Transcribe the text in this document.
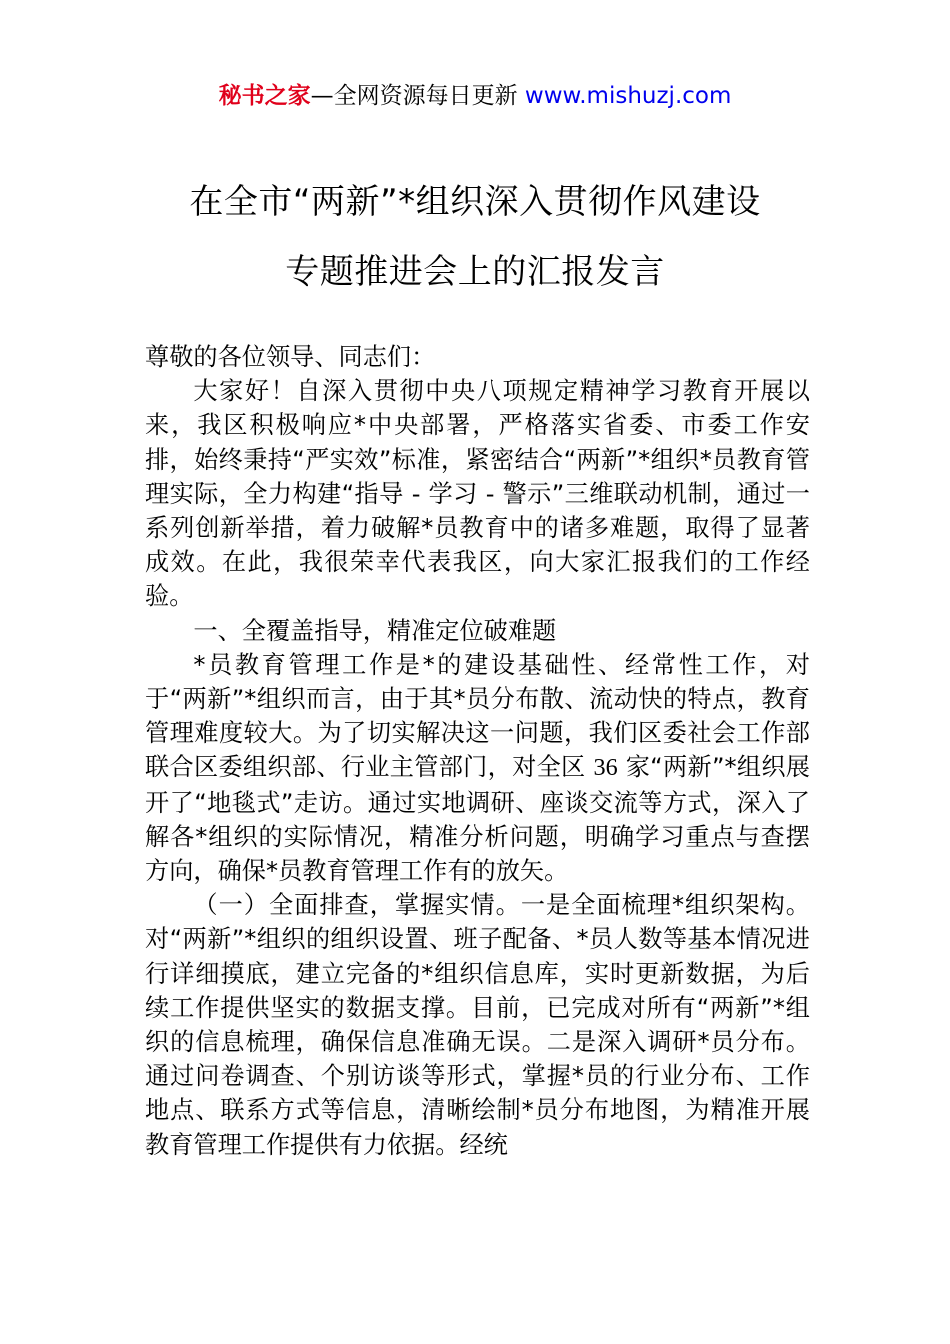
秘书之家—全网资源每日更新 www.mishuzj.com
在全市“两新”*组织深入贯彻作风建设
专题推进会上的汇报发言

尊敬的各位领导、同志们：

大家好！自深入贯彻中央八项规定精神学习教育开展以来，我区积极响应*中央部署，严格落实省委、市委工作安排，始终秉持“严实效”标准，紧密结合“两新”*组织*员教育管理实际，全力构建“指导 - 学习 - 警示”三维联动机制，通过一系列创新举措，着力破解*员教育中的诸多难题，取得了显著成效。在此，我很荣幸代表我区，向大家汇报我们的工作经验。

一、全覆盖指导，精准定位破难题

*员教育管理工作是*的建设基础性、经常性工作，对于“两新”*组织而言，由于其*员分布散、流动快的特点，教育管理难度较大。为了切实解决这一问题，我们区委社会工作部联合区委组织部、行业主管部门，对全区 36 家“两新”*组织展开了“地毯式”走访。通过实地调研、座谈交流等方式，深入了解各*组织的实际情况，精准分析问题，明确学习重点与查摆方向，确保*员教育管理工作有的放矢。

（一）全面排查，掌握实情。一是全面梳理*组织架构。对“两新”*组织的组织设置、班子配备、*员人数等基本情况进行详细摸底，建立完备的*组织信息库，实时更新数据，为后续工作提供坚实的数据支撑。目前，已完成对所有“两新”*组织的信息梳理，确保信息准确无误。二是深入调研*员分布。通过问卷调查、个别访谈等形式，掌握*员的行业分布、工作地点、联系方式等信息，清晰绘制*员分布地图，为精准开展教育管理工作提供有力依据。经统
